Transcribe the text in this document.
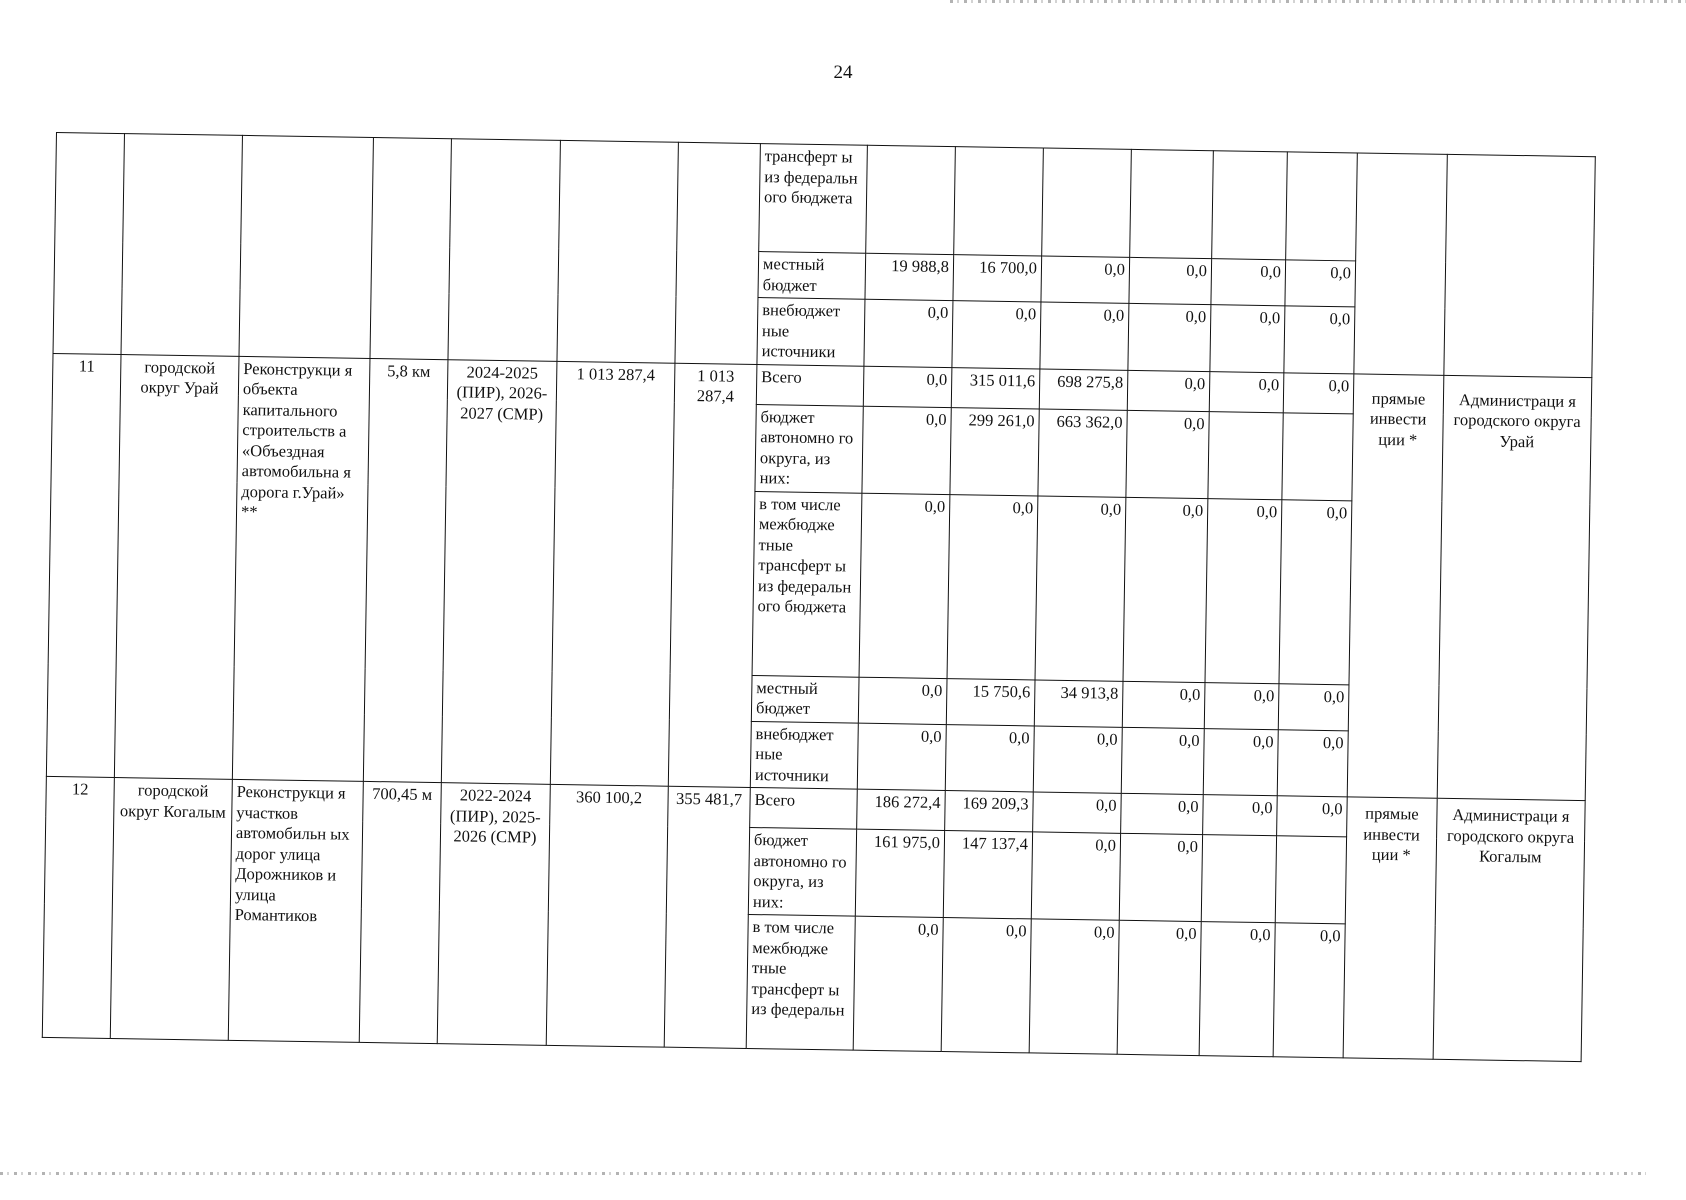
24
							трансферт ы из федеральн ого бюджета								
							местный бюджет	19 988,8	16 700,0	0,0	0,0	0,0	0,0		
							внебюджет ные источники	0,0	0,0	0,0	0,0	0,0	0,0		
11	городской округ Урай	Реконструкци я объекта капитального строительств а «Объездная автомобильна я дорога г.Урай» **	5,8 км	2024-2025 (ПИР), 2026-2027 (СМР)	1 013 287,4	1 013 287,4	Всего	0,0	315 011,6	698 275,8	0,0	0,0	0,0	прямые инвести ции *	Администраци я городского округа Урай

							бюджет автономно го округа, из них:	0,0	299 261,0	663 362,0	0,0				
							в том числе межбюдже тные трансферт ы из федеральн ого бюджета	0,0	0,0	0,0	0,0	0,0	0,0		
							местный бюджет	0,0	15 750,6	34 913,8	0,0	0,0	0,0		
							внебюджет ные источники	0,0	0,0	0,0	0,0	0,0	0,0		
12	городской округ Когалым	Реконструкци я участков автомобильн ых дорог улица Дорожников и улица Романтиков	700,45 м	2022-2024 (ПИР), 2025-2026 (СМР)	360 100,2	355 481,7	Всего	186 272,4	169 209,3	0,0	0,0	0,0	0,0	прямые инвести ции *	Администраци я городского округа Когалым

							бюджет автономно го округа, из них:	161 975,0	147 137,4	0,0	0,0				
							в том числе межбюдже тные трансферт ы из федеральн	0,0	0,0	0,0	0,0	0,0	0,0		
